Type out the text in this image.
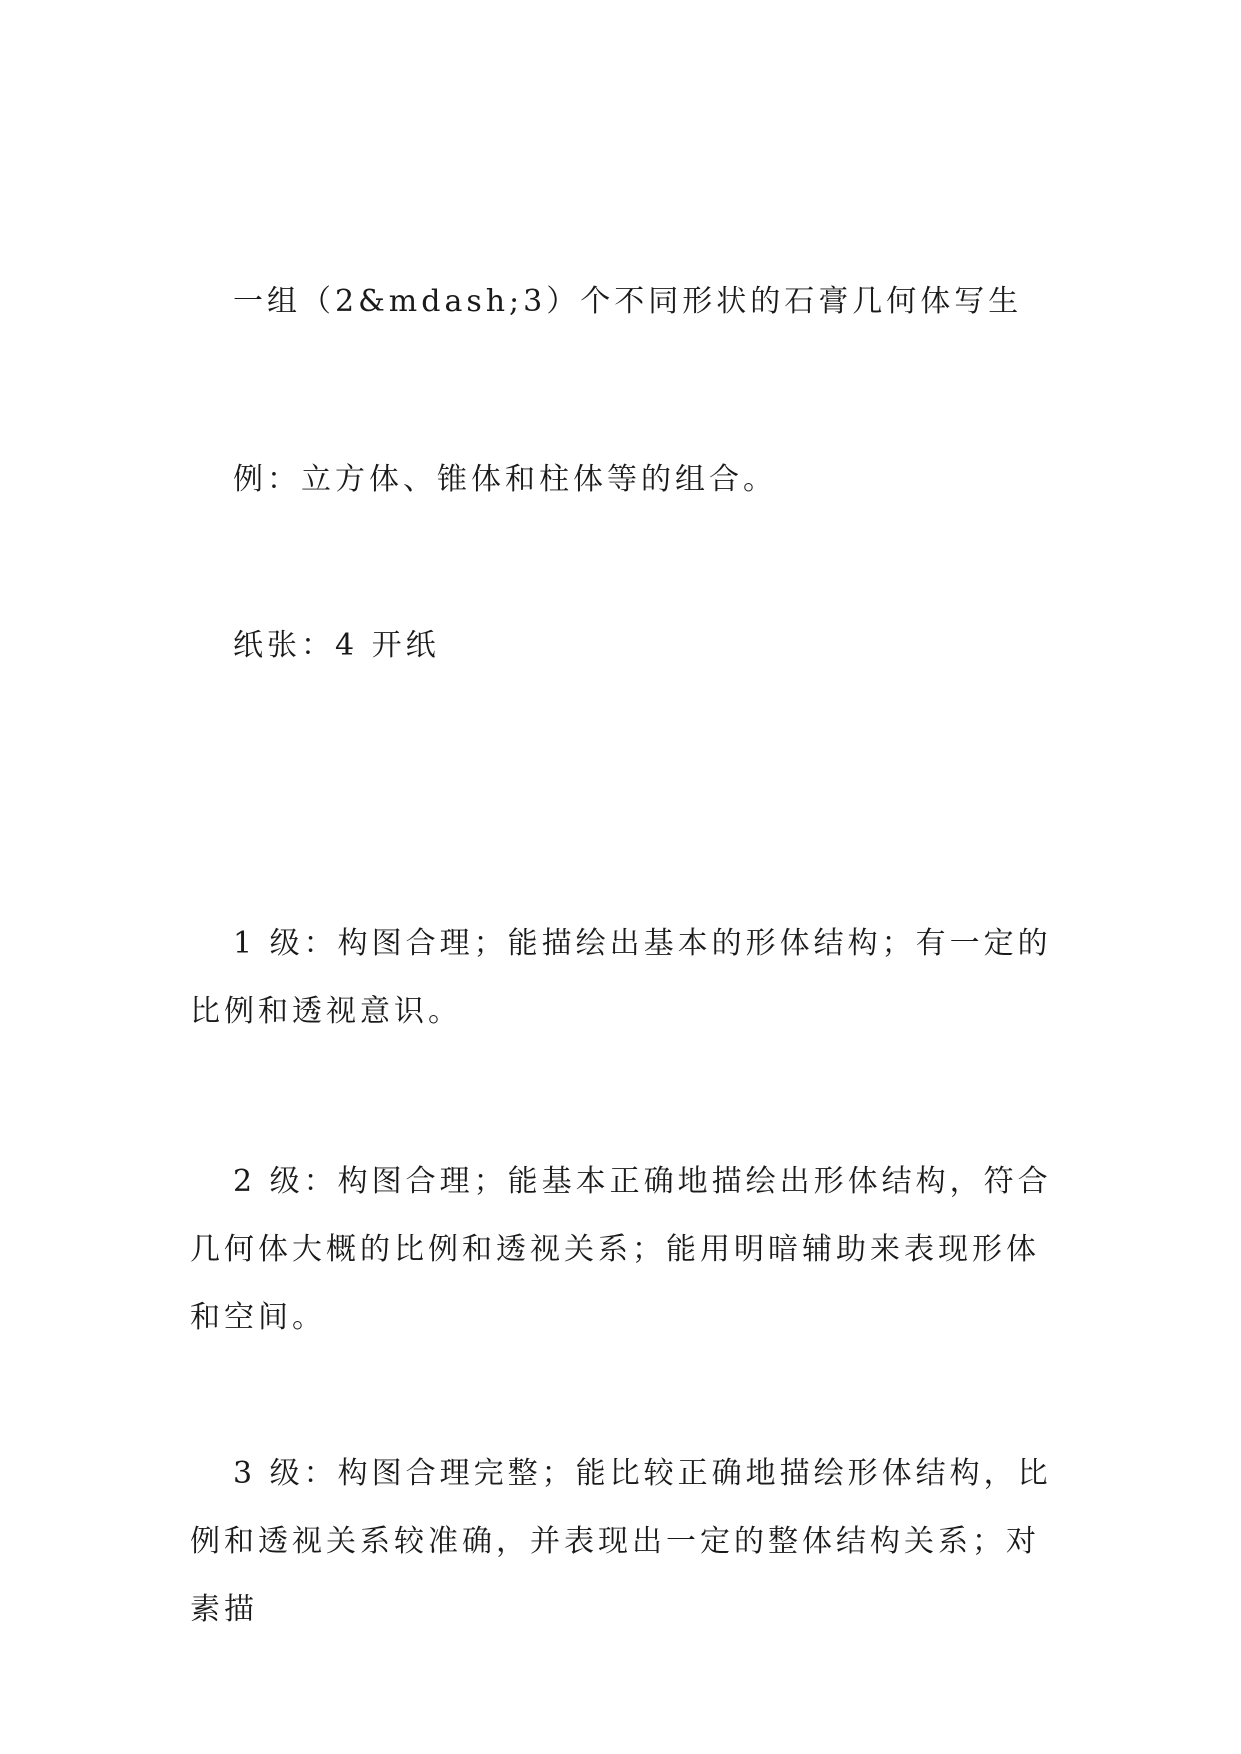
一组（2&mdash;3）个不同形状的石膏几何体写生

例：立方体、锥体和柱体等的组合。

纸张：4 开纸

1 级：构图合理；能描绘出基本的形体结构；有一定的比例和透视意识。

2 级：构图合理；能基本正确地描绘出形体结构，符合几何体大概的比例和透视关系；能用明暗辅助来表现形体和空间。

3 级：构图合理完整；能比较正确地描绘形体结构，比例和透视关系较准确，并表现出一定的整体结构关系；对素描
